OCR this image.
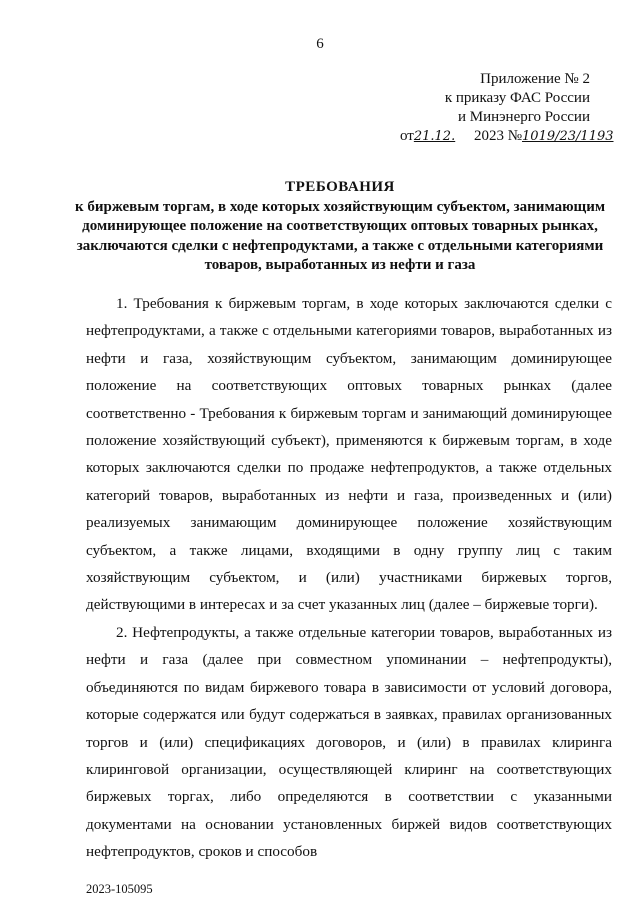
6
Приложение № 2
к приказу ФАС России
и Минэнерго России
от21.12. 2023 №1019/23/1193
ТРЕБОВАНИЯ
к биржевым торгам, в ходе которых хозяйствующим субъектом, занимающим доминирующее положение на соответствующих оптовых товарных рынках, заключаются сделки с нефтепродуктами, а также с отдельными категориями товаров, выработанных из нефти и газа

1. Требования к биржевым торгам, в ходе которых заключаются сделки с нефтепродуктами, а также с отдельными категориями товаров, выработанных из нефти и газа, хозяйствующим субъектом, занимающим доминирующее положение на соответствующих оптовых товарных рынках (далее соответственно - Требования к биржевым торгам и занимающий доминирующее положение хозяйствующий субъект), применяются к биржевым торгам, в ходе которых заключаются сделки по продаже нефтепродуктов, а также отдельных категорий товаров, выработанных из нефти и газа, произведенных и (или) реализуемых занимающим доминирующее положение хозяйствующим субъектом, а также лицами, входящими в одну группу лиц с таким хозяйствующим субъектом, и (или) участниками биржевых торгов, действующими в интересах и за счет указанных лиц (далее – биржевые торги).

2. Нефтепродукты, а также отдельные категории товаров, выработанных из нефти и газа (далее при совместном упоминании – нефтепродукты), объединяются по видам биржевого товара в зависимости от условий договора, которые содержатся или будут содержаться в заявках, правилах организованных торгов и (или) спецификациях договоров, и (или) в правилах клиринга клиринговой организации, осуществляющей клиринг на соответствующих биржевых торгах, либо определяются в соответствии с указанными документами на основании установленных биржей видов соответствующих нефтепродуктов, сроков и способов

2023-105095
